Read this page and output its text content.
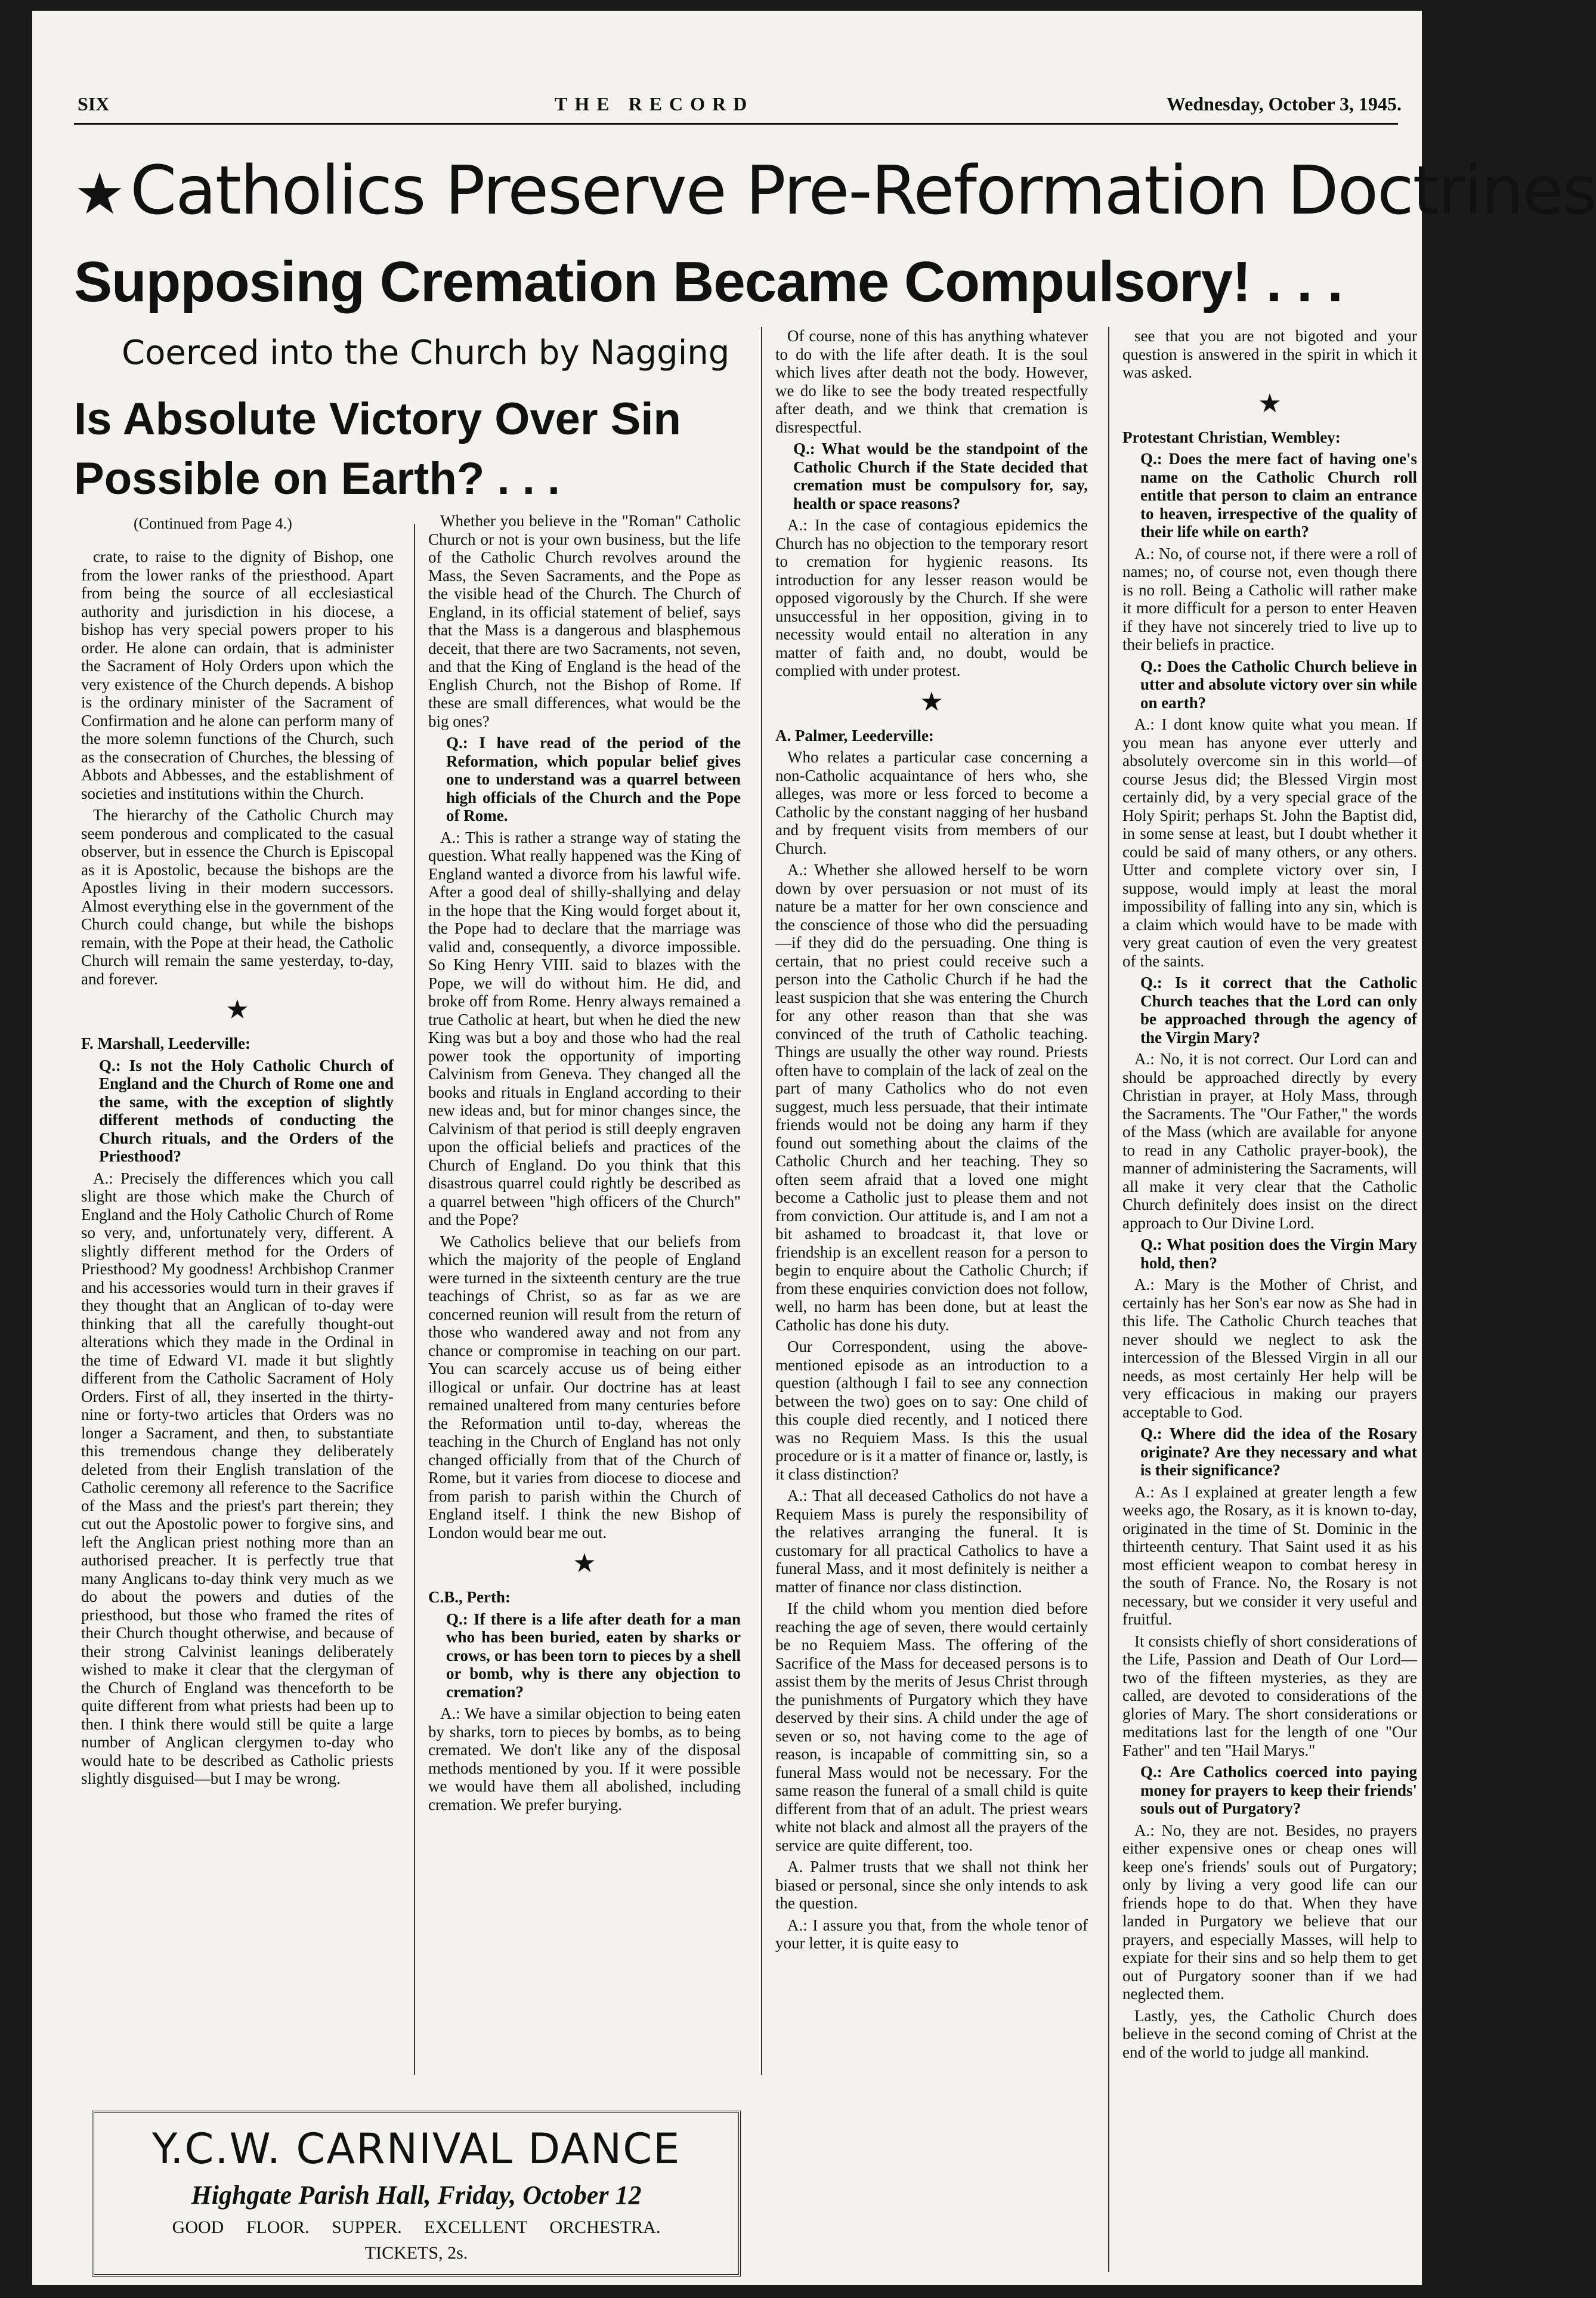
SIX	THE RECORD	Wednesday, October 3, 1945.
★Catholics Preserve Pre-Reformation Doctrines
Supposing Cremation Became Compulsory! . . .
Coerced into the Church by Nagging
Is Absolute Victory Over Sin Possible on Earth? . . .
(Continued from Page 4.)

crate, to raise to the dignity of Bishop, one from the lower ranks of the priesthood. Apart from being the source of all ecclesiastical authority and jurisdiction in his diocese, a bishop has very special powers proper to his order. He alone can ordain, that is administer the Sacrament of Holy Orders upon which the very existence of the Church depends. A bishop is the ordinary minister of the Sacrament of Confirmation and he alone can perform many of the more solemn functions of the Church, such as the consecration of Churches, the blessing of Abbots and Abbesses, and the establishment of societies and institutions within the Church.

The hierarchy of the Catholic Church may seem ponderous and complicated to the casual observer, but in essence the Church is Episcopal as it is Apostolic, because the bishops are the Apostles living in their modern successors. Almost everything else in the government of the Church could change, but while the bishops remain, with the Pope at their head, the Catholic Church will remain the same yesterday, to-day, and forever.

★

F. Marshall, Leederville:

Q.: Is not the Holy Catholic Church of England and the Church of Rome one and the same, with the exception of slightly different methods of conducting the Church rituals, and the Orders of the Priesthood?

A.: Precisely the differences which you call slight are those which make the Church of England and the Holy Catholic Church of Rome so very, and, unfortunately very, different. A slightly different method for the Orders of Priesthood? My goodness! Archbishop Cranmer and his accessories would turn in their graves if they thought that an Anglican of to-day were thinking that all the carefully thought-out alterations which they made in the Ordinal in the time of Edward VI. made it but slightly different from the Catholic Sacrament of Holy Orders. First of all, they inserted in the thirty-nine or forty-two articles that Orders was no longer a Sacrament, and then, to substantiate this tremendous change they deliberately deleted from their English translation of the Catholic ceremony all reference to the Sacrifice of the Mass and the priest's part therein; they cut out the Apostolic power to forgive sins, and left the Anglican priest nothing more than an authorised preacher. It is perfectly true that many Anglicans to-day think very much as we do about the powers and duties of the priesthood, but those who framed the rites of their Church thought otherwise, and because of their strong Calvinist leanings deliberately wished to make it clear that the clergyman of the Church of England was thenceforth to be quite different from what priests had been up to then. I think there would still be quite a large number of Anglican clergymen to-day who would hate to be described as Catholic priests slightly disguised—but I may be wrong.

Whether you believe in the "Roman" Catholic Church or not is your own business, but the life of the Catholic Church revolves around the Mass, the Seven Sacraments, and the Pope as the visible head of the Church. The Church of England, in its official statement of belief, says that the Mass is a dangerous and blasphemous deceit, that there are two Sacraments, not seven, and that the King of England is the head of the English Church, not the Bishop of Rome. If these are small differences, what would be the big ones?

Q.: I have read of the period of the Reformation, which popular belief gives one to understand was a quarrel between high officials of the Church and the Pope of Rome.

A.: This is rather a strange way of stating the question. What really happened was the King of England wanted a divorce from his lawful wife. After a good deal of shilly-shallying and delay in the hope that the King would forget about it, the Pope had to declare that the marriage was valid and, consequently, a divorce impossible. So King Henry VIII. said to blazes with the Pope, we will do without him. He did, and broke off from Rome. Henry always remained a true Catholic at heart, but when he died the new King was but a boy and those who had the real power took the opportunity of importing Calvinism from Geneva. They changed all the books and rituals in England according to their new ideas and, but for minor changes since, the Calvinism of that period is still deeply engraven upon the official beliefs and practices of the Church of England. Do you think that this disastrous quarrel could rightly be described as a quarrel between "high officers of the Church" and the Pope?

We Catholics believe that our beliefs from which the majority of the people of England were turned in the sixteenth century are the true teachings of Christ, so as far as we are concerned reunion will result from the return of those who wandered away and not from any chance or compromise in teaching on our part. You can scarcely accuse us of being either illogical or unfair. Our doctrine has at least remained unaltered from many centuries before the Reformation until to-day, whereas the teaching in the Church of England has not only changed officially from that of the Church of Rome, but it varies from diocese to diocese and from parish to parish within the Church of England itself. I think the new Bishop of London would bear me out.

★

C.B., Perth:

Q.: If there is a life after death for a man who has been buried, eaten by sharks or crows, or has been torn to pieces by a shell or bomb, why is there any objection to cremation?

A.: We have a similar objection to being eaten by sharks, torn to pieces by bombs, as to being cremated. We don't like any of the disposal methods mentioned by you. If it were possible we would have them all abolished, including cremation. We prefer burying.

Of course, none of this has anything whatever to do with the life after death. It is the soul which lives after death not the body. However, we do like to see the body treated respectfully after death, and we think that cremation is disrespectful.

Q.: What would be the standpoint of the Catholic Church if the State decided that cremation must be compulsory for, say, health or space reasons?

A.: In the case of contagious epidemics the Church has no objection to the temporary resort to cremation for hygienic reasons. Its introduction for any lesser reason would be opposed vigorously by the Church. If she were unsuccessful in her opposition, giving in to necessity would entail no alteration in any matter of faith and, no doubt, would be complied with under protest.

★

A. Palmer, Leederville:

Who relates a particular case concerning a non-Catholic acquaintance of hers who, she alleges, was more or less forced to become a Catholic by the constant nagging of her husband and by frequent visits from members of our Church.

A.: Whether she allowed herself to be worn down by over persuasion or not must of its nature be a matter for her own conscience and the conscience of those who did the persuading—if they did do the persuading. One thing is certain, that no priest could receive such a person into the Catholic Church if he had the least suspicion that she was entering the Church for any other reason than that she was convinced of the truth of Catholic teaching. Things are usually the other way round. Priests often have to complain of the lack of zeal on the part of many Catholics who do not even suggest, much less persuade, that their intimate friends would not be doing any harm if they found out something about the claims of the Catholic Church and her teaching. They so often seem afraid that a loved one might become a Catholic just to please them and not from conviction. Our attitude is, and I am not a bit ashamed to broadcast it, that love or friendship is an excellent reason for a person to begin to enquire about the Catholic Church; if from these enquiries conviction does not follow, well, no harm has been done, but at least the Catholic has done his duty.

Our Correspondent, using the above-mentioned episode as an introduction to a question (although I fail to see any connection between the two) goes on to say: One child of this couple died recently, and I noticed there was no Requiem Mass. Is this the usual procedure or is it a matter of finance or, lastly, is it class distinction?

A.: That all deceased Catholics do not have a Requiem Mass is purely the responsibility of the relatives arranging the funeral. It is customary for all practical Catholics to have a funeral Mass, and it most definitely is neither a matter of finance nor class distinction.

If the child whom you mention died before reaching the age of seven, there would certainly be no Requiem Mass. The offering of the Sacrifice of the Mass for deceased persons is to assist them by the merits of Jesus Christ through the punishments of Purgatory which they have deserved by their sins. A child under the age of seven or so, not having come to the age of reason, is incapable of committing sin, so a funeral Mass would not be necessary. For the same reason the funeral of a small child is quite different from that of an adult. The priest wears white not black and almost all the prayers of the service are quite different, too.

A. Palmer trusts that we shall not think her biased or personal, since she only intends to ask the question.

A.: I assure you that, from the whole tenor of your letter, it is quite easy to

see that you are not bigoted and your question is answered in the spirit in which it was asked.

★

Protestant Christian, Wembley:

Q.: Does the mere fact of having one's name on the Catholic Church roll entitle that person to claim an entrance to heaven, irrespective of the quality of their life while on earth?

A.: No, of course not, if there were a roll of names; no, of course not, even though there is no roll. Being a Catholic will rather make it more difficult for a person to enter Heaven if they have not sincerely tried to live up to their beliefs in practice.

Q.: Does the Catholic Church believe in utter and absolute victory over sin while on earth?

A.: I dont know quite what you mean. If you mean has anyone ever utterly and absolutely overcome sin in this world—of course Jesus did; the Blessed Virgin most certainly did, by a very special grace of the Holy Spirit; perhaps St. John the Baptist did, in some sense at least, but I doubt whether it could be said of many others, or any others. Utter and complete victory over sin, I suppose, would imply at least the moral impossibility of falling into any sin, which is a claim which would have to be made with very great caution of even the very greatest of the saints.

Q.: Is it correct that the Catholic Church teaches that the Lord can only be approached through the agency of the Virgin Mary?

A.: No, it is not correct. Our Lord can and should be approached directly by every Christian in prayer, at Holy Mass, through the Sacraments. The "Our Father," the words of the Mass (which are available for anyone to read in any Catholic prayer-book), the manner of administering the Sacraments, will all make it very clear that the Catholic Church definitely does insist on the direct approach to Our Divine Lord.

Q.: What position does the Virgin Mary hold, then?

A.: Mary is the Mother of Christ, and certainly has her Son's ear now as She had in this life. The Catholic Church teaches that never should we neglect to ask the intercession of the Blessed Virgin in all our needs, as most certainly Her help will be very efficacious in making our prayers acceptable to God.

Q.: Where did the idea of the Rosary originate? Are they necessary and what is their significance?

A.: As I explained at greater length a few weeks ago, the Rosary, as it is known to-day, originated in the time of St. Dominic in the thirteenth century. That Saint used it as his most efficient weapon to combat heresy in the south of France. No, the Rosary is not necessary, but we consider it very useful and fruitful.

It consists chiefly of short considerations of the Life, Passion and Death of Our Lord—two of the fifteen mysteries, as they are called, are devoted to considerations of the glories of Mary. The short considerations or meditations last for the length of one "Our Father" and ten "Hail Marys."

Q.: Are Catholics coerced into paying money for prayers to keep their friends' souls out of Purgatory?

A.: No, they are not. Besides, no prayers either expensive ones or cheap ones will keep one's friends' souls out of Purgatory; only by living a very good life can our friends hope to do that. When they have landed in Purgatory we believe that our prayers, and especially Masses, will help to expiate for their sins and so help them to get out of Purgatory sooner than if we had neglected them.

Lastly, yes, the Catholic Church does believe in the second coming of Christ at the end of the world to judge all mankind.

Y.C.W. CARNIVAL DANCE
Highgate Parish Hall, Friday, October 12
GOOD FLOOR. SUPPER. EXCELLENT ORCHESTRA.
TICKETS, 2s.
